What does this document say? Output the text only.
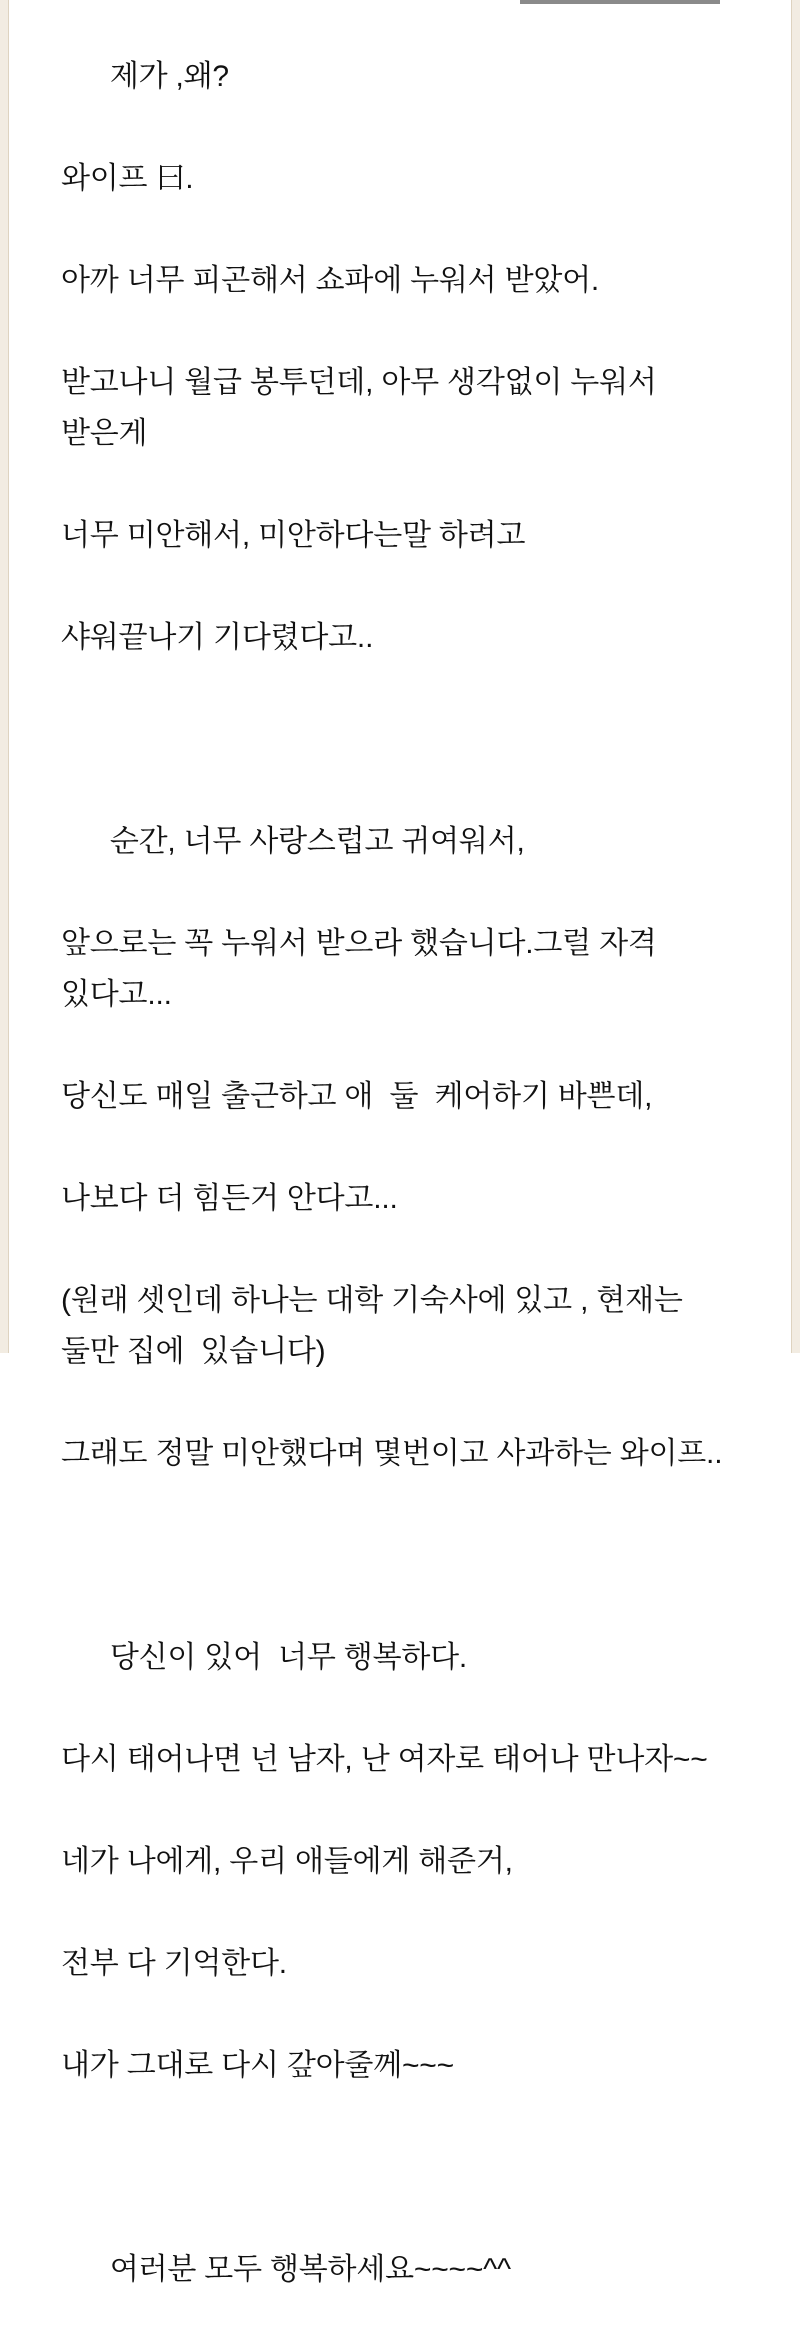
제가 ,왜?

와이프 曰.

아까 너무 피곤해서 쇼파에 누워서 받았어.

받고나니 월급 봉투던데, 아무 생각없이 누워서 받은게

너무 미안해서, 미안하다는말 하려고

샤워끝나기 기다렸다고..

순간, 너무 사랑스럽고 귀여워서,

앞으로는 꼭 누워서 받으라 했습니다.그럴 자격 있다고...

당신도 매일 출근하고 애  둘  케어하기 바쁜데,

나보다 더 힘든거 안다고...

(원래 셋인데 하나는 대학 기숙사에 있고 , 현재는 둘만 집에  있습니다)

그래도 정말 미안했다며 몇번이고 사과하는 와이프..

당신이 있어  너무 행복하다.

다시 태어나면 넌 남자, 난 여자로 태어나 만나자~~

네가 나에게, 우리 애들에게 해준거,

전부 다 기억한다.

내가 그대로 다시 갚아줄께~~~

여러분 모두 행복하세요~~~~^^
